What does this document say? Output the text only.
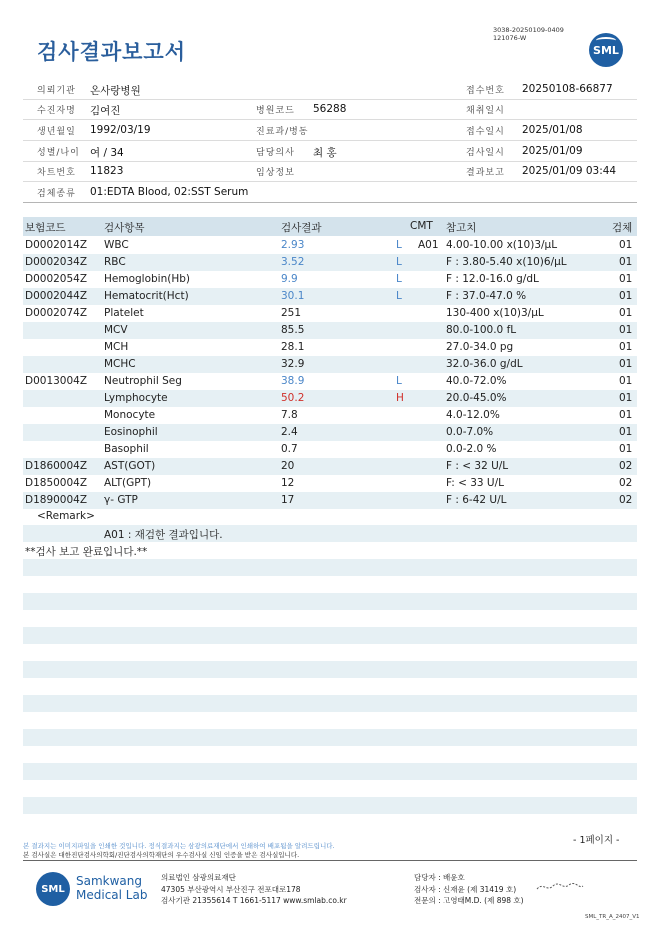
검사결과보고서
3038-20250109-0409
121076-W
SML
의뢰기관 온사랑병원	접수번호 20250108-66877
수진자명 김여진	병원코드 56288	채취일시
생년월일 1992/03/19	진료과/병동	접수일시 2025/01/08
성별/나이 여 / 34	담당의사 최 홍	검사일시 2025/01/09
차트번호 11823	임상정보	결과보고 2025/01/09 03:44
검체종류 01:EDTA Blood, 02:SST Serum
보험코드	검사항목	검사결과	CMT 참고치	검체
D0002014Z WBC	2.93	L A01 4.00-10.00 x(10)3/μL	01
D0002034Z RBC	3.52	L	F : 3.80-5.40 x(10)6/μL	01
D0002054Z Hemoglobin(Hb)	9.9	L	F : 12.0-16.0 g/dL	01
D0002044Z Hematocrit(Hct)	30.1	L	F : 37.0-47.0 %	01
D0002074Z Platelet	251	130-400 x(10)3/μL	01
MCV	85.5	80.0-100.0 fL	01
MCH	28.1	27.0-34.0 pg	01
MCHC	32.9	32.0-36.0 g/dL	01
D0013004Z Neutrophil Seg	38.9	L	40.0-72.0%	01
Lymphocyte	50.2	H	20.0-45.0%	01
Monocyte	7.8	4.0-12.0%	01
Eosinophil	2.4	0.0-7.0%	01
Basophil	0.7	0.0-2.0 %	01
D1860004Z AST(GOT)	20	F : < 32 U/L	02
D1850004Z ALT(GPT)	12	F: < 33 U/L	02
D1890004Z γ- GTP	17	F : 6-42 U/L	02
<Remark>
A01 : 재검한 결과입니다.
**검사 보고 완료입니다.**
본 결과지는 이미지파일을 인쇄한 것입니다. 정식결과지는 삼광의료재단에서 인쇄하여 배포됨을 알려드립니다.
본 검사실은 대한진단검사의학회/진단검사의학재단의 우수검사실 신임 인증을 받은 검사실입니다.
- 1페이지 -
SML
Samkwang
Medical Lab
의료법인 삼광의료재단
47305 부산광역시 부산진구 전포대로178
검사기관 21355614 T 1661-5117 www.smlab.co.kr
담당자 : 배윤호
검사자 : 신재윤 (제 31419 호)
전문의 : 고영태M.D. (제 898 호)
SML_TR_A_2407_V1
